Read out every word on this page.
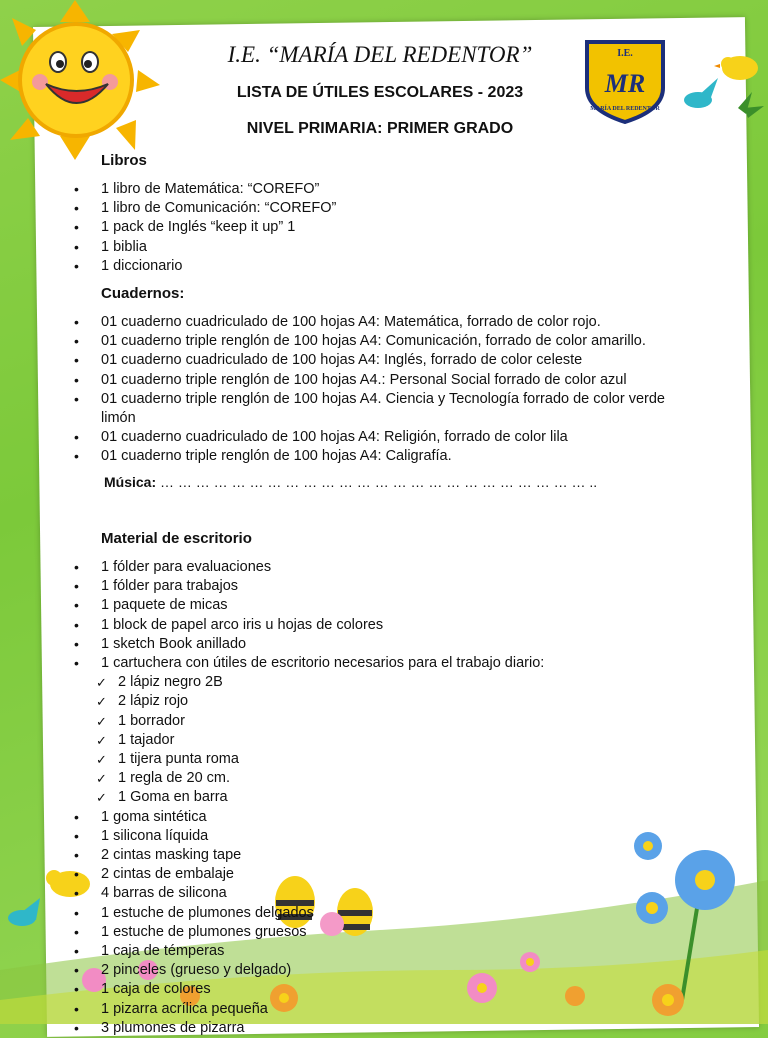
I.E.
MR
MARÍA DEL REDENTOR
I.E. “MARÍA DEL REDENTOR”
LISTA DE ÚTILES ESCOLARES - 2023
NIVEL PRIMARIA: PRIMER GRADO
Libros
• 1 libro de Matemática: “COREFO”
• 1 libro de Comunicación: “COREFO”
• 1 pack de Inglés “keep it up” 1
• 1 biblia
• 1 diccionario
Cuadernos:
• 01 cuaderno cuadriculado de 100 hojas A4: Matemática, forrado de color rojo.
• 01 cuaderno triple renglón de 100 hojas A4: Comunicación, forrado de color amarillo.
• 01 cuaderno cuadriculado de 100 hojas A4: Inglés, forrado de color celeste
• 01 cuaderno triple renglón de 100 hojas A4.: Personal Social forrado de color azul
• 01 cuaderno triple renglón de 100 hojas A4. Ciencia y Tecnología forrado de color verde limón
• 01 cuaderno cuadriculado de 100 hojas A4: Religión, forrado de color lila
• 01 cuaderno triple renglón de 100 hojas A4: Caligrafía.
Música: … … … … … … … … … … … … … … … … … … … … … … … … ..
Material de escritorio
• 1 fólder para evaluaciones
• 1 fólder para trabajos
• 1 paquete de micas
• 1 block de papel arco iris u hojas de colores
• 1 sketch Book anillado
• 1 cartuchera con útiles de escritorio necesarios para el trabajo diario:
✓ 2 lápiz negro 2B
✓ 2 lápiz rojo
✓ 1 borrador
✓ 1 tajador
✓ 1 tijera punta roma
✓ 1 regla de 20 cm.
✓ 1 Goma en barra
• 1 goma sintética
• 1 silicona líquida
• 2 cintas masking tape
• 2 cintas de embalaje
• 4 barras de silicona
• 1 estuche de plumones delgados
• 1 estuche de plumones gruesos
• 1 caja de témperas
• 2 pinceles (grueso y delgado)
• 1 caja de colores
• 1 pizarra acrílica pequeña
• 3 plumones de pizarra
